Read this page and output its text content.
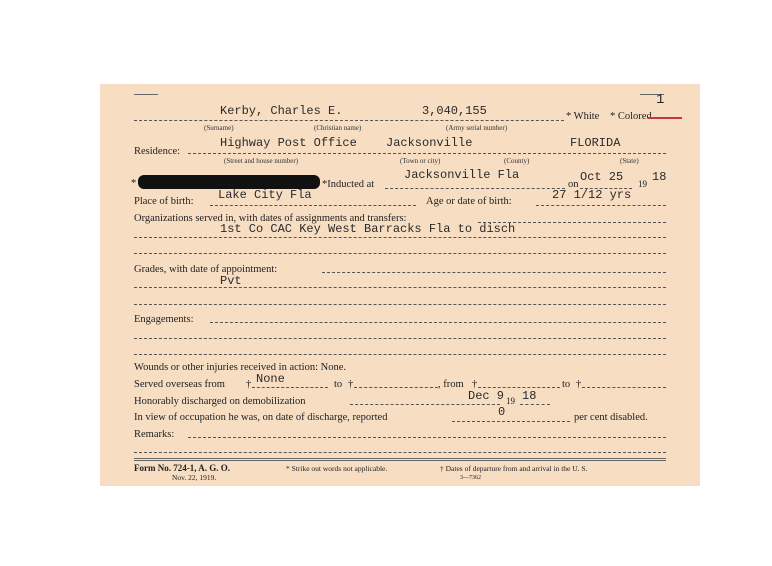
1
Kerby, Charles E.	3,040,155	* White * Colored.
(Surname)	(Christian name)	(Army serial number)
Residence:
Highway Post Office Jacksonville	FLORIDA
(Street and house number)	(Town or city)	(County)	(State)
*	*Inducted at
Jacksonville Fla
on
Oct 25 19 18
Place of birth: Lake City Fla	Age or date of birth:	27 1/12 yrs
Organizations served in, with dates of assignments and transfers:
1st Co CAC Key West Barracks Fla to disch
Grades, with date of appointment:
Pvt
Engagements:
Wounds or other injuries received in action: None.
Served overseas from † None	to †	, from †	to †
Honorably discharged on demobilization	Dec 9 19 18
In view of occupation he was, on date of discharge, reported	0	per cent disabled.
Remarks:
Form No. 724-1, A. G. O.
Nov. 22, 1919.
* Strike out words not applicable.	† Dates of departure from and arrival in the U. S.
3—7362
